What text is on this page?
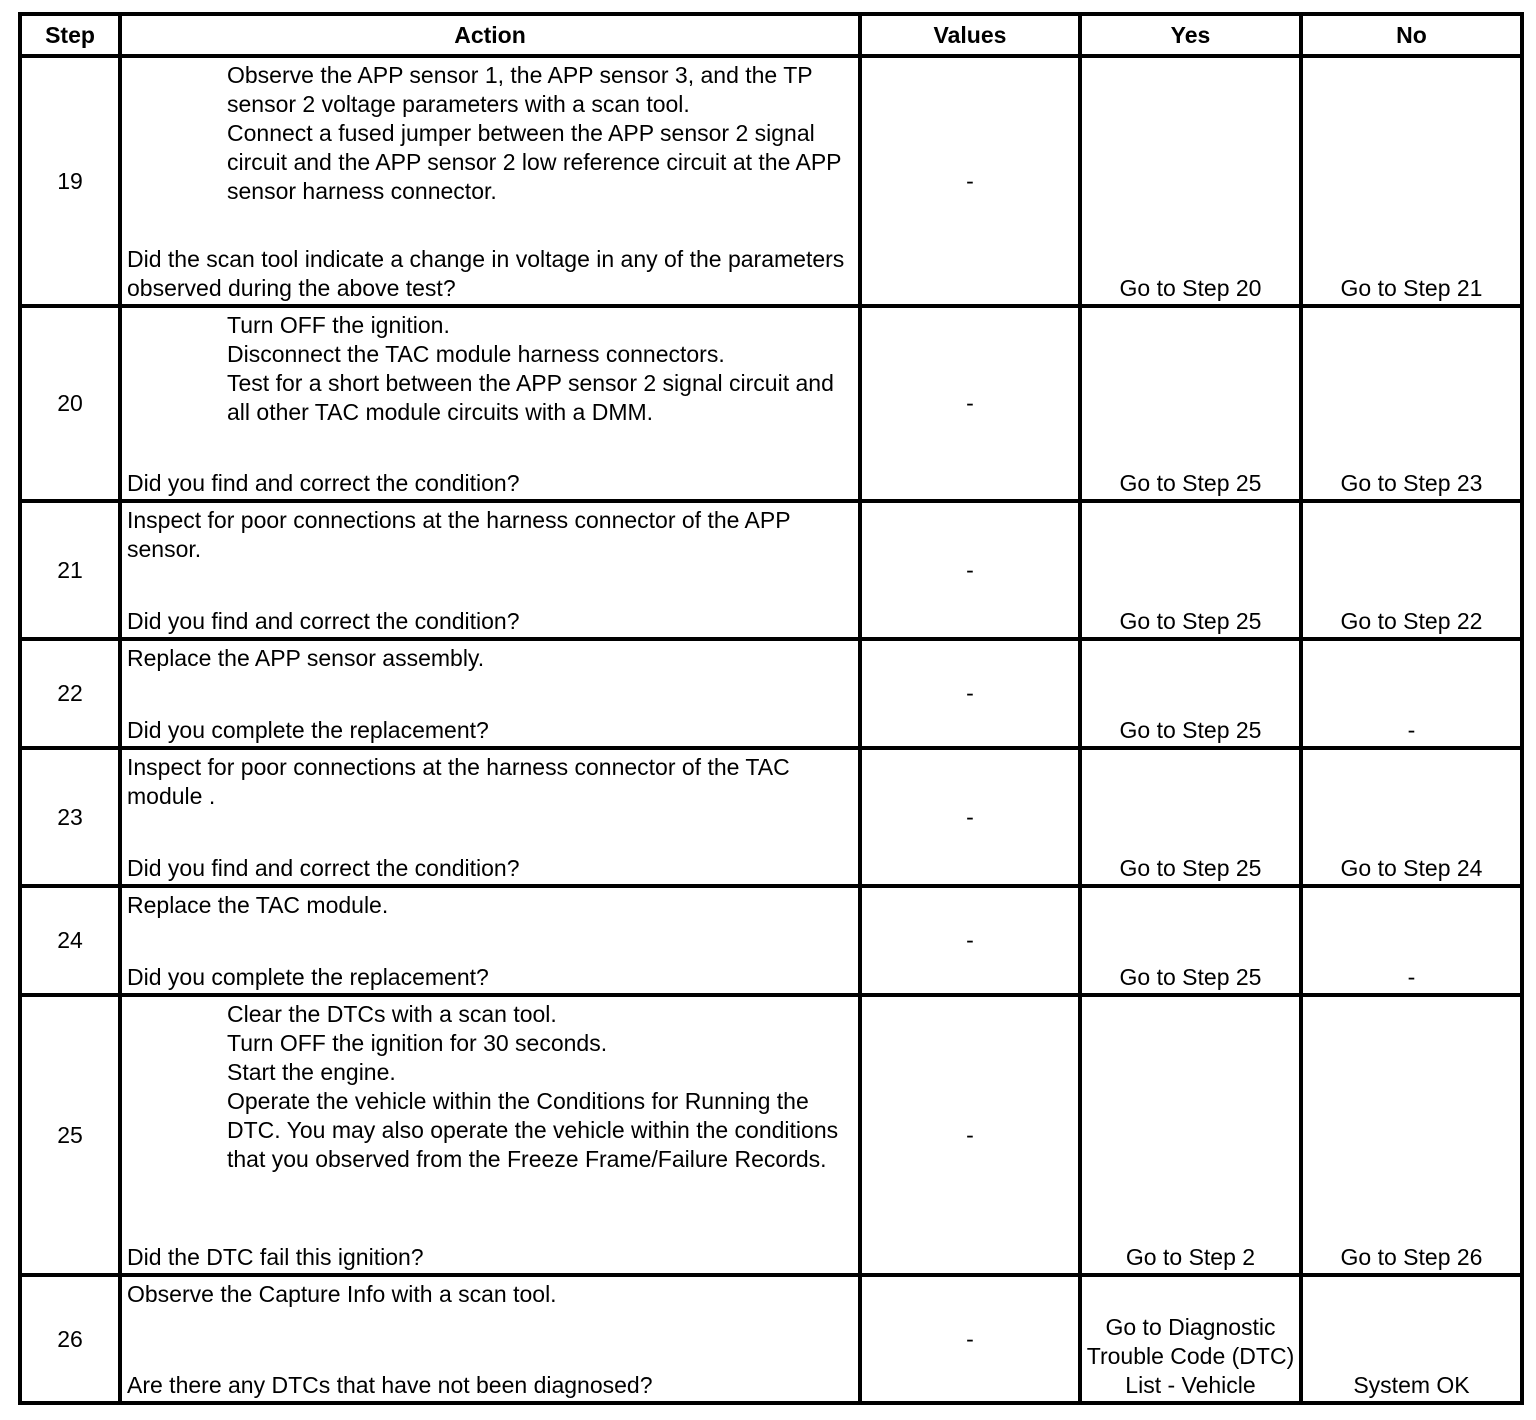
Step	Action	Values	Yes	No
19	Observe the APP sensor 1, the APP sensor 3, and the TP sensor 2 voltage parameters with a scan tool.
Connect a fused jumper between the APP sensor 2 signal circuit and the APP sensor 2 low reference circuit at the APP sensor harness connector.
Did the scan tool indicate a change in voltage in any of the parameters observed during the above test?	-	Go to Step 20	Go to Step 21
20	Turn OFF the ignition.
Disconnect the TAC module harness connectors.
Test for a short between the APP sensor 2 signal circuit and all other TAC module circuits with a DMM.
Did you find and correct the condition?	-	Go to Step 25	Go to Step 23
21	Inspect for poor connections at the harness connector of the APP sensor.
Did you find and correct the condition?	-	Go to Step 25	Go to Step 22
22	Replace the APP sensor assembly.
Did you complete the replacement?	-	Go to Step 25	-
23	Inspect for poor connections at the harness connector of the TAC module .
Did you find and correct the condition?	-	Go to Step 25	Go to Step 24
24	Replace the TAC module.
Did you complete the replacement?	-	Go to Step 25	-
25	Clear the DTCs with a scan tool.
Turn OFF the ignition for 30 seconds.
Start the engine.
Operate the vehicle within the Conditions for Running the DTC. You may also operate the vehicle within the conditions that you observed from the Freeze Frame/Failure Records.
Did the DTC fail this ignition?	-	Go to Step 2	Go to Step 26
26	Observe the Capture Info with a scan tool.
Are there any DTCs that have not been diagnosed?	-	Go to Diagnostic Trouble Code (DTC) List - Vehicle	System OK
